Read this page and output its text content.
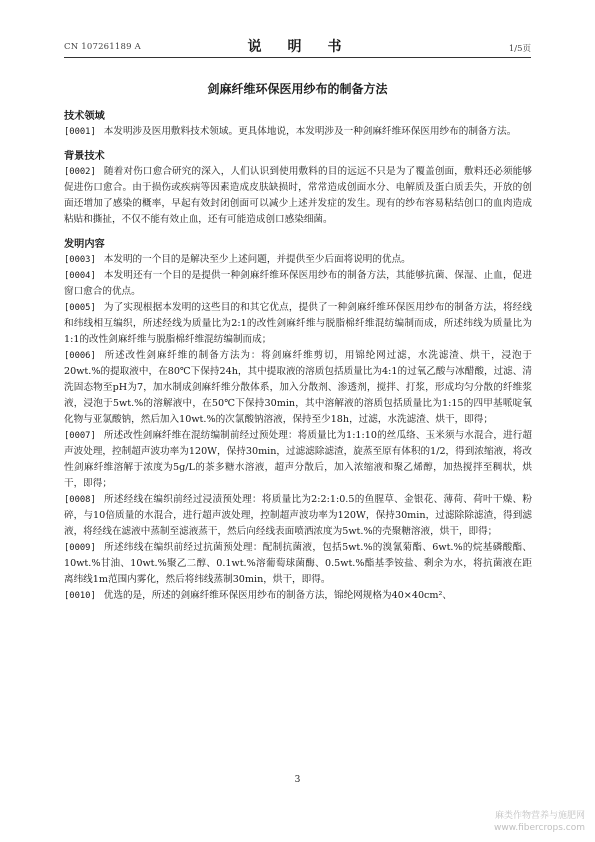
CN 107261189 A	说　明　书	1/5页
剑麻纤维环保医用纱布的制备方法
技术领域
[0001] 本发明涉及医用敷料技术领域。更具体地说，本发明涉及一种剑麻纤维环保医用纱布的制备方法。
背景技术
[0002] 随着对伤口愈合研究的深入，人们认识到使用敷料的目的远远不只是为了覆盖创面，敷料还必须能够促进伤口愈合。由于损伤或疾病等因素造成皮肤缺损时，常常造成创面水分、电解质及蛋白质丢失，开放的创面还增加了感染的概率，早起有效封闭创面可以减少上述并发症的发生。现有的纱布容易粘结创口的血肉造成粘贴和撕扯，不仅不能有效止血，还有可能造成创口感染细菌。
发明内容
[0003] 本发明的一个目的是解决至少上述问题，并提供至少后面将说明的优点。
[0004] 本发明还有一个目的是提供一种剑麻纤维环保医用纱布的制备方法，其能够抗菌、保湿、止血，促进窗口愈合的优点。
[0005] 为了实现根据本发明的这些目的和其它优点，提供了一种剑麻纤维环保医用纱布的制备方法，将经线和纬线相互编织，所述经线为质量比为2:1的改性剑麻纤维与脱脂棉纤维混纺编制而成，所述纬线为质量比为1:1的改性剑麻纤维与脱脂棉纤维混纺编制而成；
[0006] 所述改性剑麻纤维的制备方法为：将剑麻纤维剪切，用锦纶网过滤，水洗滤渣、烘干，浸泡于20wt.%的提取液中，在80℃下保持24h，其中提取液的溶质包括质量比为4:1的过氧乙酸与冰醋酸，过滤、清洗固态物至pH为7，加水制成剑麻纤维分散体系，加入分散剂、渗透剂，搅拌、打浆，形成均匀分散的纤维浆液，浸泡于5wt.%的溶解液中，在50℃下保持30min，其中溶解液的溶质包括质量比为1:15的四甲基哌啶氧化物与亚氯酸钠，然后加入10wt.%的次氯酸钠溶液，保持至少18h，过滤，水洗滤渣、烘干，即得；
[0007] 所述改性剑麻纤维在混纺编制前经过预处理：将质量比为1:1:10的丝瓜络、玉米须与水混合，进行超声波处理，控制超声波功率为120W，保持30min，过滤滤除滤渣，旋蒸至原有体积的1/2，得到浓缩液，将改性剑麻纤维溶解于浓度为5g/L的茶多糖水溶液，超声分散后，加入浓缩液和聚乙烯醇，加热搅拌至稠状，烘干，即得；
[0008] 所述经线在编织前经过浸渍预处理：将质量比为2:2:1:0.5的鱼腥草、金银花、薄荷、荷叶干燥、粉碎，与10倍质量的水混合，进行超声波处理，控制超声波功率为120W，保持30min，过滤除除滤渣，得到滤液，将经线在滤液中蒸制至滤液蒸干，然后向经线表面喷洒浓度为5wt.%的壳聚糖溶液，烘干，即得；
[0009] 所述纬线在编织前经过抗菌预处理：配制抗菌液，包括5wt.%的溴氰菊酯、6wt.%的烷基磷酸酯、10wt.%甘油、10wt.%聚乙二醇、0.1wt.%溶葡萄球菌酶、0.5wt.%酯基季铵盐、剩余为水，将抗菌液在距离纬线1m范围内雾化，然后将纬线蒸制30min，烘干，即得。
[0010] 优选的是，所述的剑麻纤维环保医用纱布的制备方法，锦纶网规格为40×40cm²、
3
麻类作物营养与施肥网
www.fibercrops.com
